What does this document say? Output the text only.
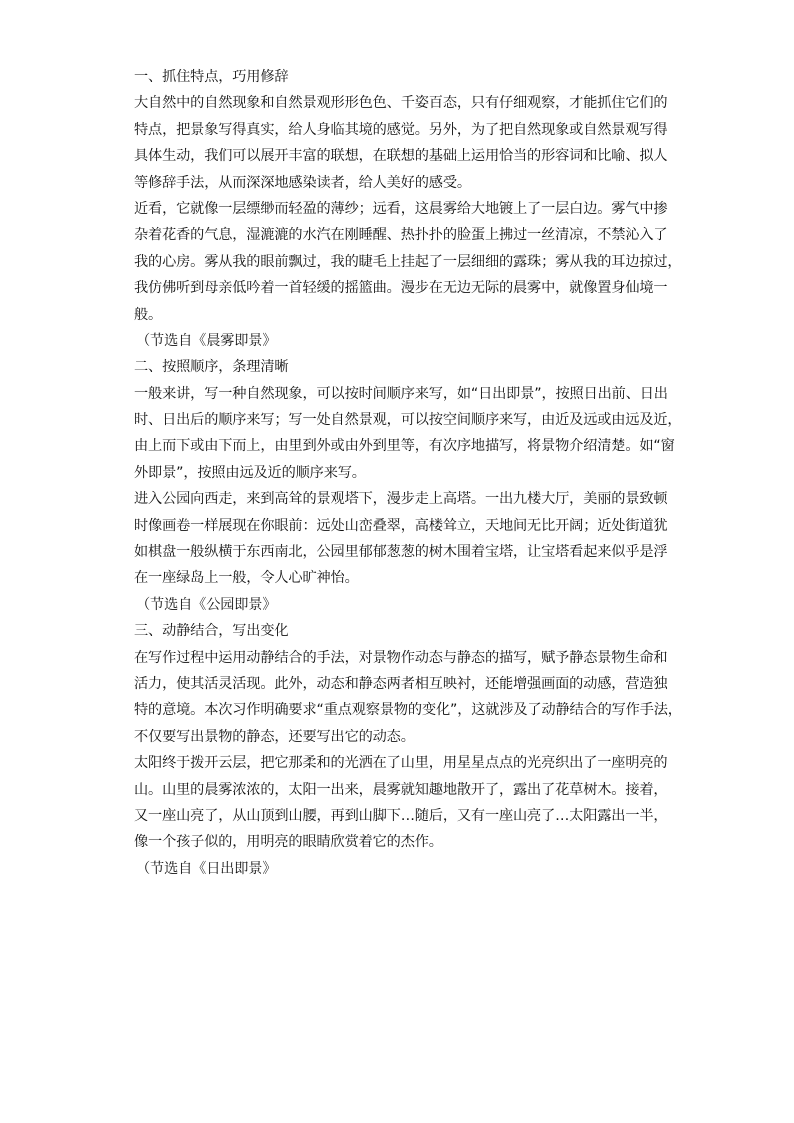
一、抓住特点，巧用修辞
大自然中的自然现象和自然景观形形色色、千姿百态，只有仔细观察，才能抓住它们的
特点，把景象写得真实，给人身临其境的感觉。另外，为了把自然现象或自然景观写得
具体生动，我们可以展开丰富的联想，在联想的基础上运用恰当的形容词和比喻、拟人
等修辞手法，从而深深地感染读者，给人美好的感受。
近看，它就像一层缥缈而轻盈的薄纱；远看，这晨雾给大地镀上了一层白边。雾气中掺
杂着花香的气息，湿漉漉的水汽在刚睡醒、热扑扑的脸蛋上拂过一丝清凉，不禁沁入了
我的心房。雾从我的眼前飘过，我的睫毛上挂起了一层细细的露珠；雾从我的耳边掠过，
我仿佛听到母亲低吟着一首轻缓的摇篮曲。漫步在无边无际的晨雾中，就像置身仙境一
般。
（节选自《晨雾即景》
二、按照顺序，条理清晰
一般来讲，写一种自然现象，可以按时间顺序来写，如“日出即景”，按照日出前、日出
时、日出后的顺序来写；写一处自然景观，可以按空间顺序来写，由近及远或由远及近，
由上而下或由下而上，由里到外或由外到里等，有次序地描写，将景物介绍清楚。如“窗
外即景”，按照由远及近的顺序来写。
进入公园向西走，来到高耸的景观塔下，漫步走上高塔。一出九楼大厅，美丽的景致顿
时像画卷一样展现在你眼前：远处山峦叠翠，高楼耸立，天地间无比开阔；近处街道犹
如棋盘一般纵横于东西南北，公园里郁郁葱葱的树木围着宝塔，让宝塔看起来似乎是浮
在一座绿岛上一般，令人心旷神怡。
（节选自《公园即景》
三、动静结合，写出变化
在写作过程中运用动静结合的手法，对景物作动态与静态的描写，赋予静态景物生命和
活力，使其活灵活现。此外，动态和静态两者相互映衬，还能增强画面的动感，营造独
特的意境。本次习作明确要求“重点观察景物的变化”，这就涉及了动静结合的写作手法，
不仅要写出景物的静态，还要写出它的动态。
太阳终于拨开云层，把它那柔和的光洒在了山里，用星星点点的光亮织出了一座明亮的
山。山里的晨雾浓浓的，太阳一出来，晨雾就知趣地散开了，露出了花草树木。接着，
又一座山亮了，从山顶到山腰，再到山脚下…随后，又有一座山亮了…太阳露出一半，
像一个孩子似的，用明亮的眼睛欣赏着它的杰作。
（节选自《日出即景》
